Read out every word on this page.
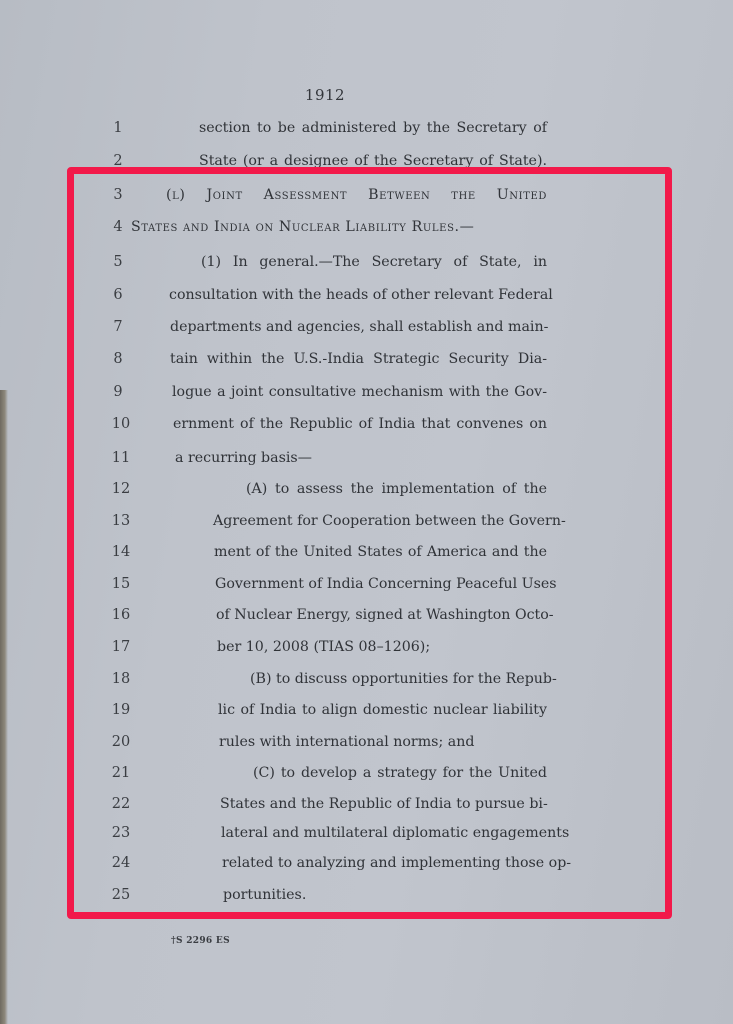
1912
1	section to be administered by the Secretary of
2	State (or a designee of the Secretary of State).
3	(l) Joint Assessment Between the United
4 States and India on Nuclear Liability Rules.—
5	(1) In general.—The Secretary of State, in
6	consultation with the heads of other relevant Federal
7	departments and agencies, shall establish and main-
8	tain within the U.S.-India Strategic Security Dia-
9	logue a joint consultative mechanism with the Gov-
10	ernment of the Republic of India that convenes on
11	a recurring basis—
12	(A) to assess the implementation of the
13	Agreement for Cooperation between the Govern-
14	ment of the United States of America and the
15	Government of India Concerning Peaceful Uses
16	of Nuclear Energy, signed at Washington Octo-
17	ber 10, 2008 (TIAS 08–1206);
18	(B) to discuss opportunities for the Repub-
19	lic of India to align domestic nuclear liability
20	rules with international norms; and
21	(C) to develop a strategy for the United
22	States and the Republic of India to pursue bi-
23	lateral and multilateral diplomatic engagements
24	related to analyzing and implementing those op-
25	portunities.
†S 2296 ES
